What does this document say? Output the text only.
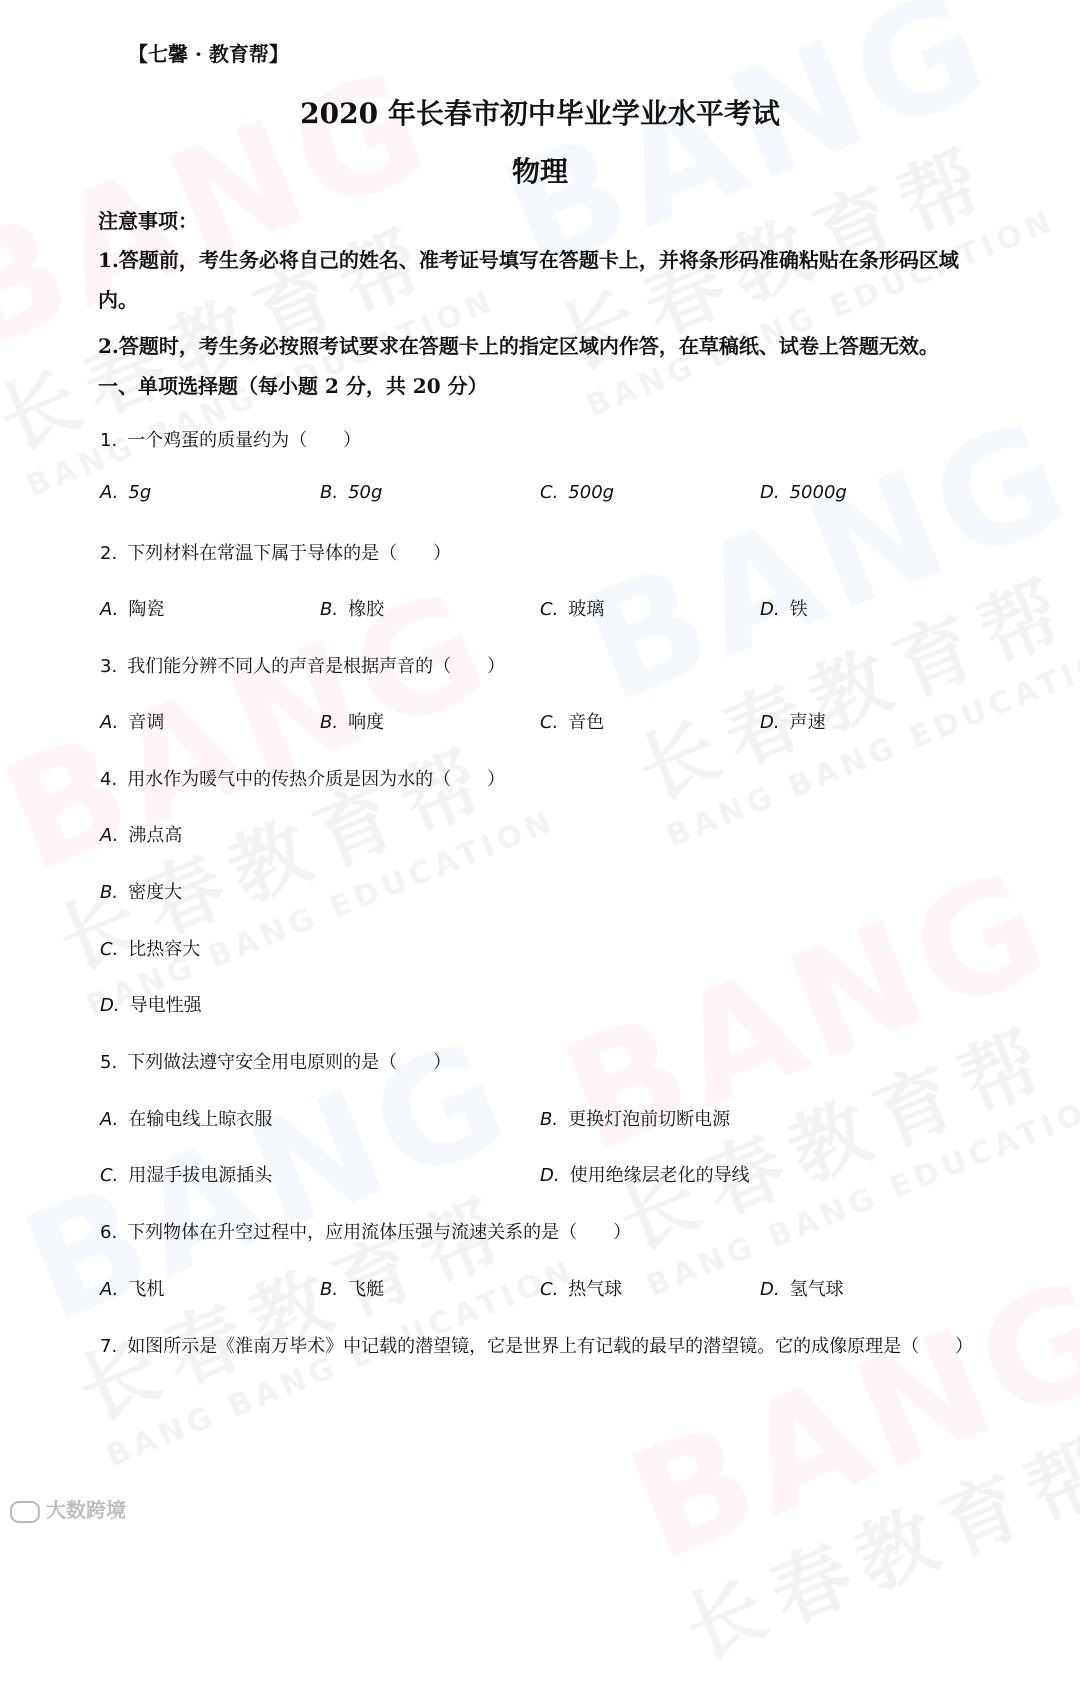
【七馨 · 教育帮】
2020 年长春市初中毕业学业水平考试
物理
注意事项：
1.答题前，考生务必将自己的姓名、准考证号填写在答题卡上，并将条形码准确粘贴在条形码区域内。
2.答题时，考生务必按照考试要求在答题卡上的指定区域内作答，在草稿纸、试卷上答题无效。
一、单项选择题（每小题 2 分，共 20 分）
1. 一个鸡蛋的质量约为（　　）
A. 5g	B. 50g	C. 500g	D. 5000g
2. 下列材料在常温下属于导体的是（　　）
A. 陶瓷	B. 橡胶	C. 玻璃	D. 铁
3. 我们能分辨不同人的声音是根据声音的（　　）
A. 音调	B. 响度	C. 音色	D. 声速
4. 用水作为暖气中的传热介质是因为水的（　　）
A. 沸点高
B. 密度大
C. 比热容大
D. 导电性强
5. 下列做法遵守安全用电原则的是（　　）
A. 在输电线上晾衣服	B. 更换灯泡前切断电源
C. 用湿手拔电源插头	D. 使用绝缘层老化的导线
6. 下列物体在升空过程中，应用流体压强与流速关系的是（　　）
A. 飞机	B. 飞艇	C. 热气球	D. 氢气球
7. 如图所示是《淮南万毕术》中记载的潜望镜，它是世界上有记载的最早的潜望镜。它的成像原理是（　　）
大数跨境
